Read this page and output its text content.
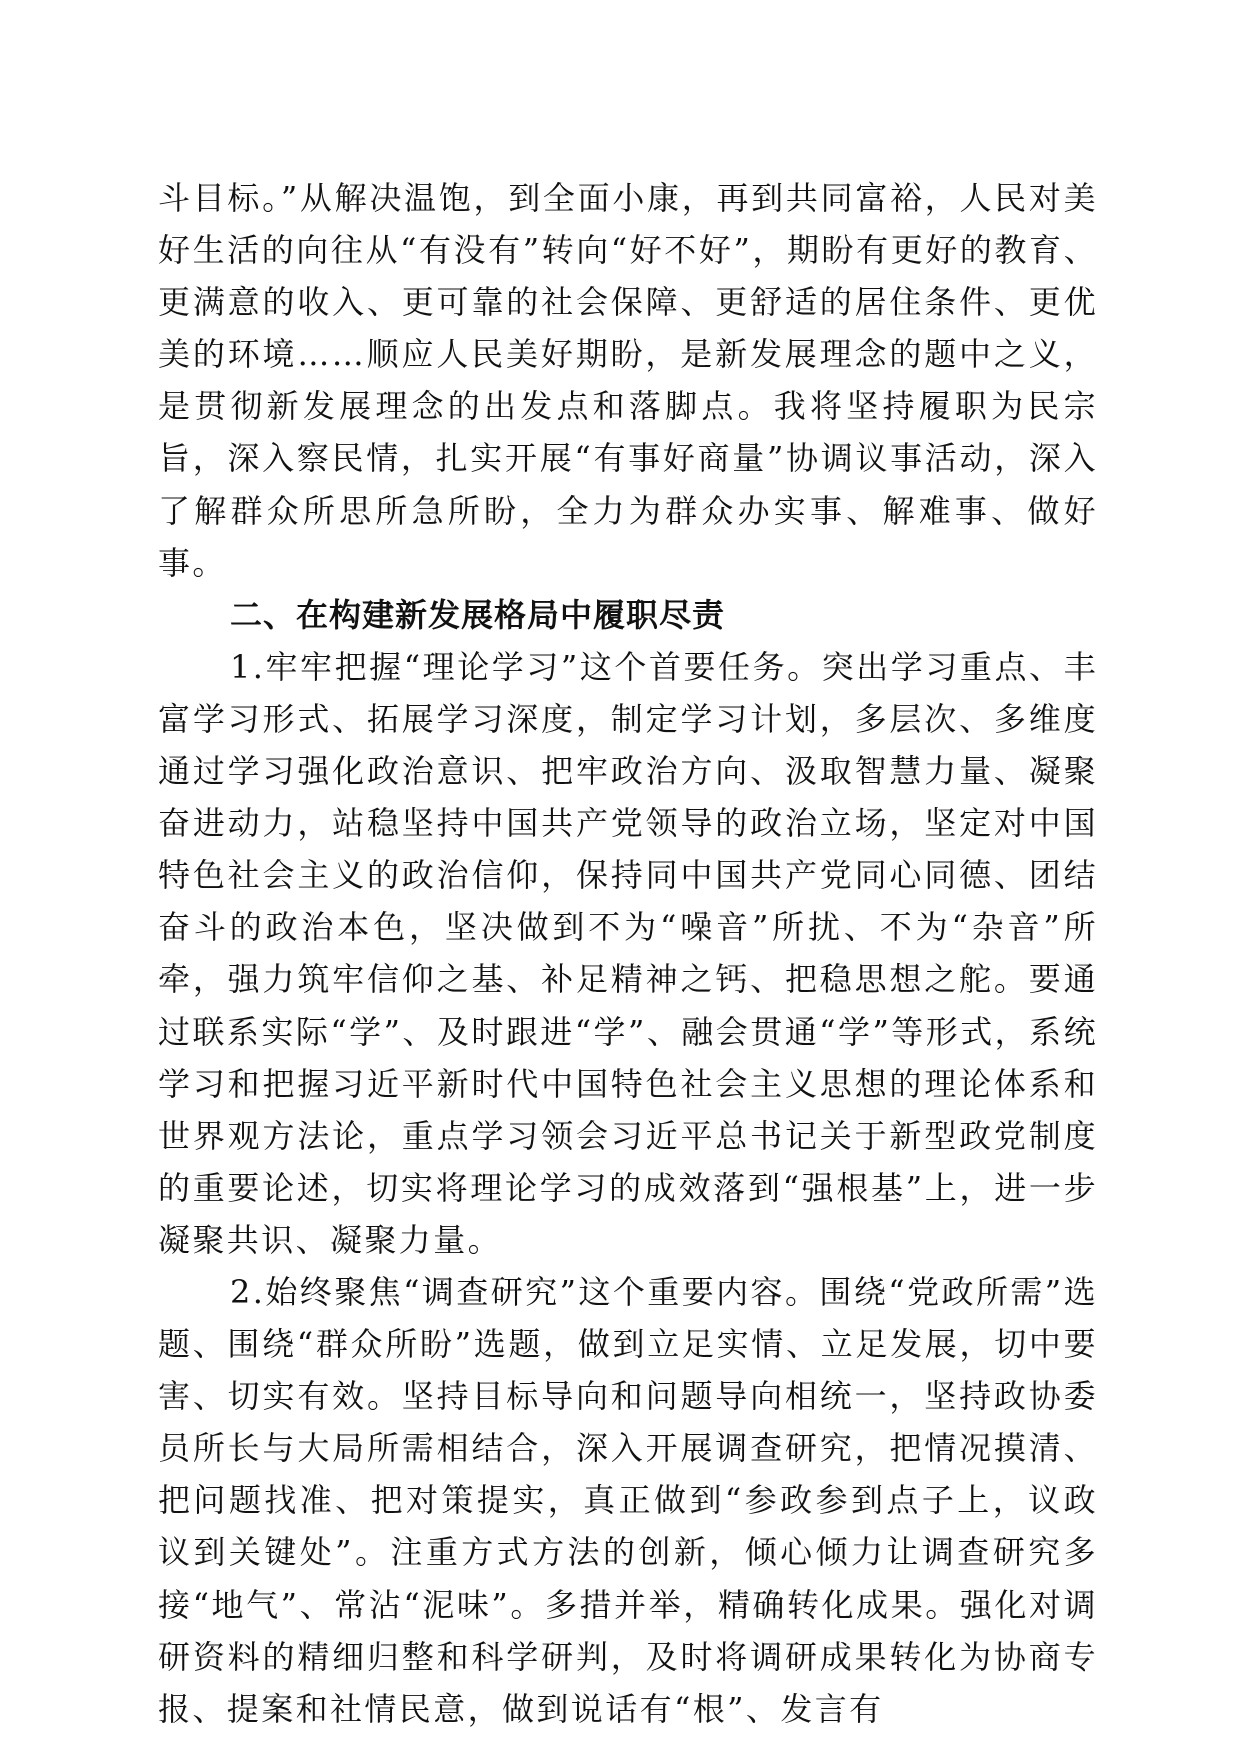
斗目标。”从解决温饱，到全面小康，再到共同富裕，人民对美好生活的向往从“有没有”转向“好不好”，期盼有更好的教育、更满意的收入、更可靠的社会保障、更舒适的居住条件、更优美的环境……顺应人民美好期盼，是新发展理念的题中之义，是贯彻新发展理念的出发点和落脚点。我将坚持履职为民宗旨，深入察民情，扎实开展“有事好商量”协调议事活动，深入了解群众所思所急所盼，全力为群众办实事、解难事、做好事。

二、在构建新发展格局中履职尽责

1.牢牢把握“理论学习”这个首要任务。突出学习重点、丰富学习形式、拓展学习深度，制定学习计划，多层次、多维度通过学习强化政治意识、把牢政治方向、汲取智慧力量、凝聚奋进动力，站稳坚持中国共产党领导的政治立场，坚定对中国特色社会主义的政治信仰，保持同中国共产党同心同德、团结奋斗的政治本色，坚决做到不为“噪音”所扰、不为“杂音”所牵，强力筑牢信仰之基、补足精神之钙、把稳思想之舵。要通过联系实际“学”、及时跟进“学”、融会贯通“学”等形式，系统学习和把握习近平新时代中国特色社会主义思想的理论体系和世界观方法论，重点学习领会习近平总书记关于新型政党制度的重要论述，切实将理论学习的成效落到“强根基”上，进一步凝聚共识、凝聚力量。

2.始终聚焦“调查研究”这个重要内容。围绕“党政所需”选题、围绕“群众所盼”选题，做到立足实情、立足发展，切中要害、切实有效。坚持目标导向和问题导向相统一，坚持政协委员所长与大局所需相结合，深入开展调查研究，把情况摸清、把问题找准、把对策提实，真正做到“参政参到点子上，议政议到关键处”。注重方式方法的创新，倾心倾力让调查研究多接“地气”、常沾“泥味”。多措并举，精确转化成果。强化对调研资料的精细归整和科学研判，及时将调研成果转化为协商专报、提案和社情民意，做到说话有“根”、发言有
